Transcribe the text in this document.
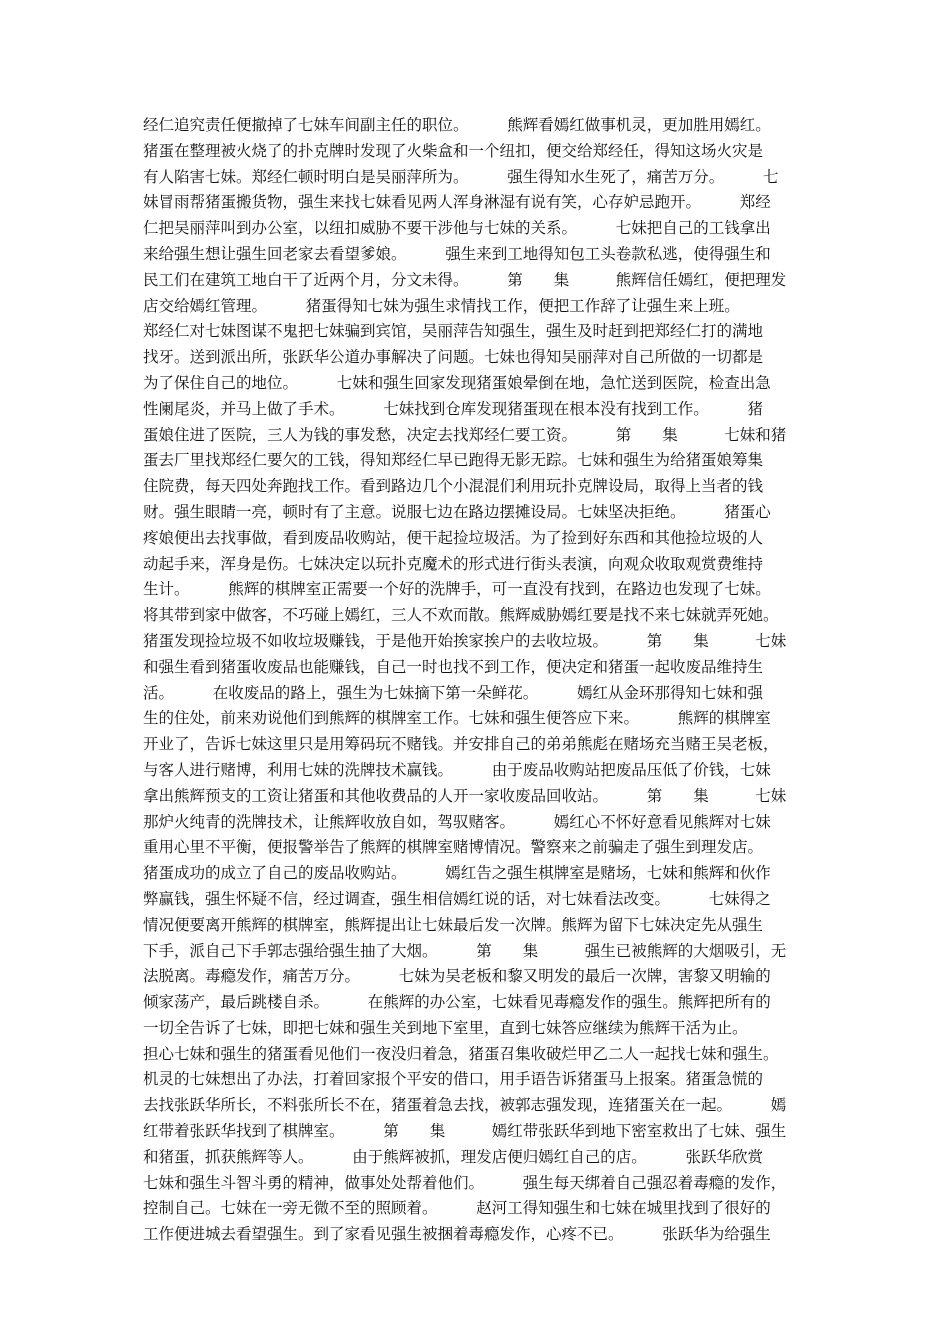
经仁追究责任便撤掉了七妹车间副主任的职位。　　　熊辉看嫣红做事机灵，更加胜用嫣红。
猪蛋在整理被火烧了的扑克牌时发现了火柴盒和一个纽扣，便交给郑经任，得知这场火灾是
有人陷害七妹。郑经仁顿时明白是吴丽萍所为。　　　强生得知水生死了，痛苦万分。　　　七
妹冒雨帮猪蛋搬货物，强生来找七妹看见两人浑身淋湿有说有笑，心存妒忌跑开。　　　郑经
仁把吴丽萍叫到办公室，以纽扣威胁不要干涉他与七妹的关系。　　　七妹把自己的工钱拿出
来给强生想让强生回老家去看望爹娘。　　　强生来到工地得知包工头卷款私逃，使得强生和
民工们在建筑工地白干了近两个月，分文未得。　　　第　　集　　　熊辉信任嫣红，便把理发
店交给嫣红管理。　　　猪蛋得知七妹为强生求情找工作，便把工作辞了让强生来上班。
郑经仁对七妹图谋不鬼把七妹骗到宾馆，吴丽萍告知强生，强生及时赶到把郑经仁打的满地
找牙。送到派出所，张跃华公道办事解决了问题。七妹也得知吴丽萍对自己所做的一切都是
为了保住自己的地位。　　　七妹和强生回家发现猪蛋娘晕倒在地，急忙送到医院，检查出急
性阑尾炎，并马上做了手术。　　　七妹找到仓库发现猪蛋现在根本没有找到工作。　　　猪
蛋娘住进了医院，三人为钱的事发愁，决定去找郑经仁要工资。　　　第　　集　　　七妹和猪
蛋去厂里找郑经仁要欠的工钱，得知郑经仁早已跑得无影无踪。七妹和强生为给猪蛋娘筹集
住院费，每天四处奔跑找工作。看到路边几个小混混们利用玩扑克牌设局，取得上当者的钱
财。强生眼睛一亮，顿时有了主意。说服七边在路边摆摊设局。七妹坚决拒绝。　　　猪蛋心
疼娘便出去找事做，看到废品收购站，便干起捡垃圾活。为了捡到好东西和其他捡垃圾的人
动起手来，浑身是伤。七妹决定以玩扑克魔术的形式进行街头表演，向观众收取观赏费维持
生计。　　　熊辉的棋牌室正需要一个好的洗牌手，可一直没有找到，在路边也发现了七妹。
将其带到家中做客，不巧碰上嫣红，三人不欢而散。熊辉威胁嫣红要是找不来七妹就弄死她。
猪蛋发现捡垃圾不如收垃圾赚钱，于是他开始挨家挨户的去收垃圾。　　　第　　集　　　七妹
和强生看到猪蛋收废品也能赚钱，自己一时也找不到工作，便决定和猪蛋一起收废品维持生
活。　　　在收废品的路上，强生为七妹摘下第一朵鲜花。　　　嫣红从金环那得知七妹和强
生的住处，前来劝说他们到熊辉的棋牌室工作。七妹和强生便答应下来。　　　熊辉的棋牌室
开业了，告诉七妹这里只是用筹码玩不赌钱。并安排自己的弟弟熊彪在赌场充当赌王吴老板，
与客人进行赌博，利用七妹的洗牌技术赢钱。　　　由于废品收购站把废品压低了价钱，七妹
拿出熊辉预支的工资让猪蛋和其他收费品的人开一家收废品回收站。　　　第　　集　　　七妹
那炉火纯青的洗牌技术，让熊辉收放自如，驾驭赌客。　　　嫣红心不怀好意看见熊辉对七妹
重用心里不平衡，便报警举告了熊辉的棋牌室赌博情况。警察来之前骗走了强生到理发店。
猪蛋成功的成立了自己的废品收购站。　　　嫣红告之强生棋牌室是赌场，七妹和熊辉和伙作
弊赢钱，强生怀疑不信，经过调查，强生相信嫣红说的话，对七妹看法改变。　　　七妹得之
情况便要离开熊辉的棋牌室，熊辉提出让七妹最后发一次牌。熊辉为留下七妹决定先从强生
下手，派自己下手郭志强给强生抽了大烟。　　　第　　集　　　强生已被熊辉的大烟吸引，无
法脱离。毒瘾发作，痛苦万分。　　　七妹为吴老板和黎又明发的最后一次牌，害黎又明输的
倾家荡产，最后跳楼自杀。　　　在熊辉的办公室，七妹看见毒瘾发作的强生。熊辉把所有的
一切全告诉了七妹，即把七妹和强生关到地下室里，直到七妹答应继续为熊辉干活为止。
担心七妹和强生的猪蛋看见他们一夜没归着急，猪蛋召集收破烂甲乙二人一起找七妹和强生。
机灵的七妹想出了办法，打着回家报个平安的借口，用手语告诉猪蛋马上报案。猪蛋急慌的
去找张跃华所长，不料张所长不在，猪蛋着急去找，被郭志强发现，连猪蛋关在一起。　　　嫣
红带着张跃华找到了棋牌室。　　　第　　集　　　嫣红带张跃华到地下密室救出了七妹、强生
和猪蛋，抓获熊辉等人。　　　由于熊辉被抓，理发店便归嫣红自己的店。　　　张跃华欣赏
七妹和强生斗智斗勇的精神，做事处处帮着他们。　　　强生每天绑着自己强忍着毒瘾的发作，
控制自己。七妹在一旁无微不至的照顾着。　　　赵河工得知强生和七妹在城里找到了很好的
工作便进城去看望强生。到了家看见强生被捆着毒瘾发作，心疼不已。　　　张跃华为给强生
